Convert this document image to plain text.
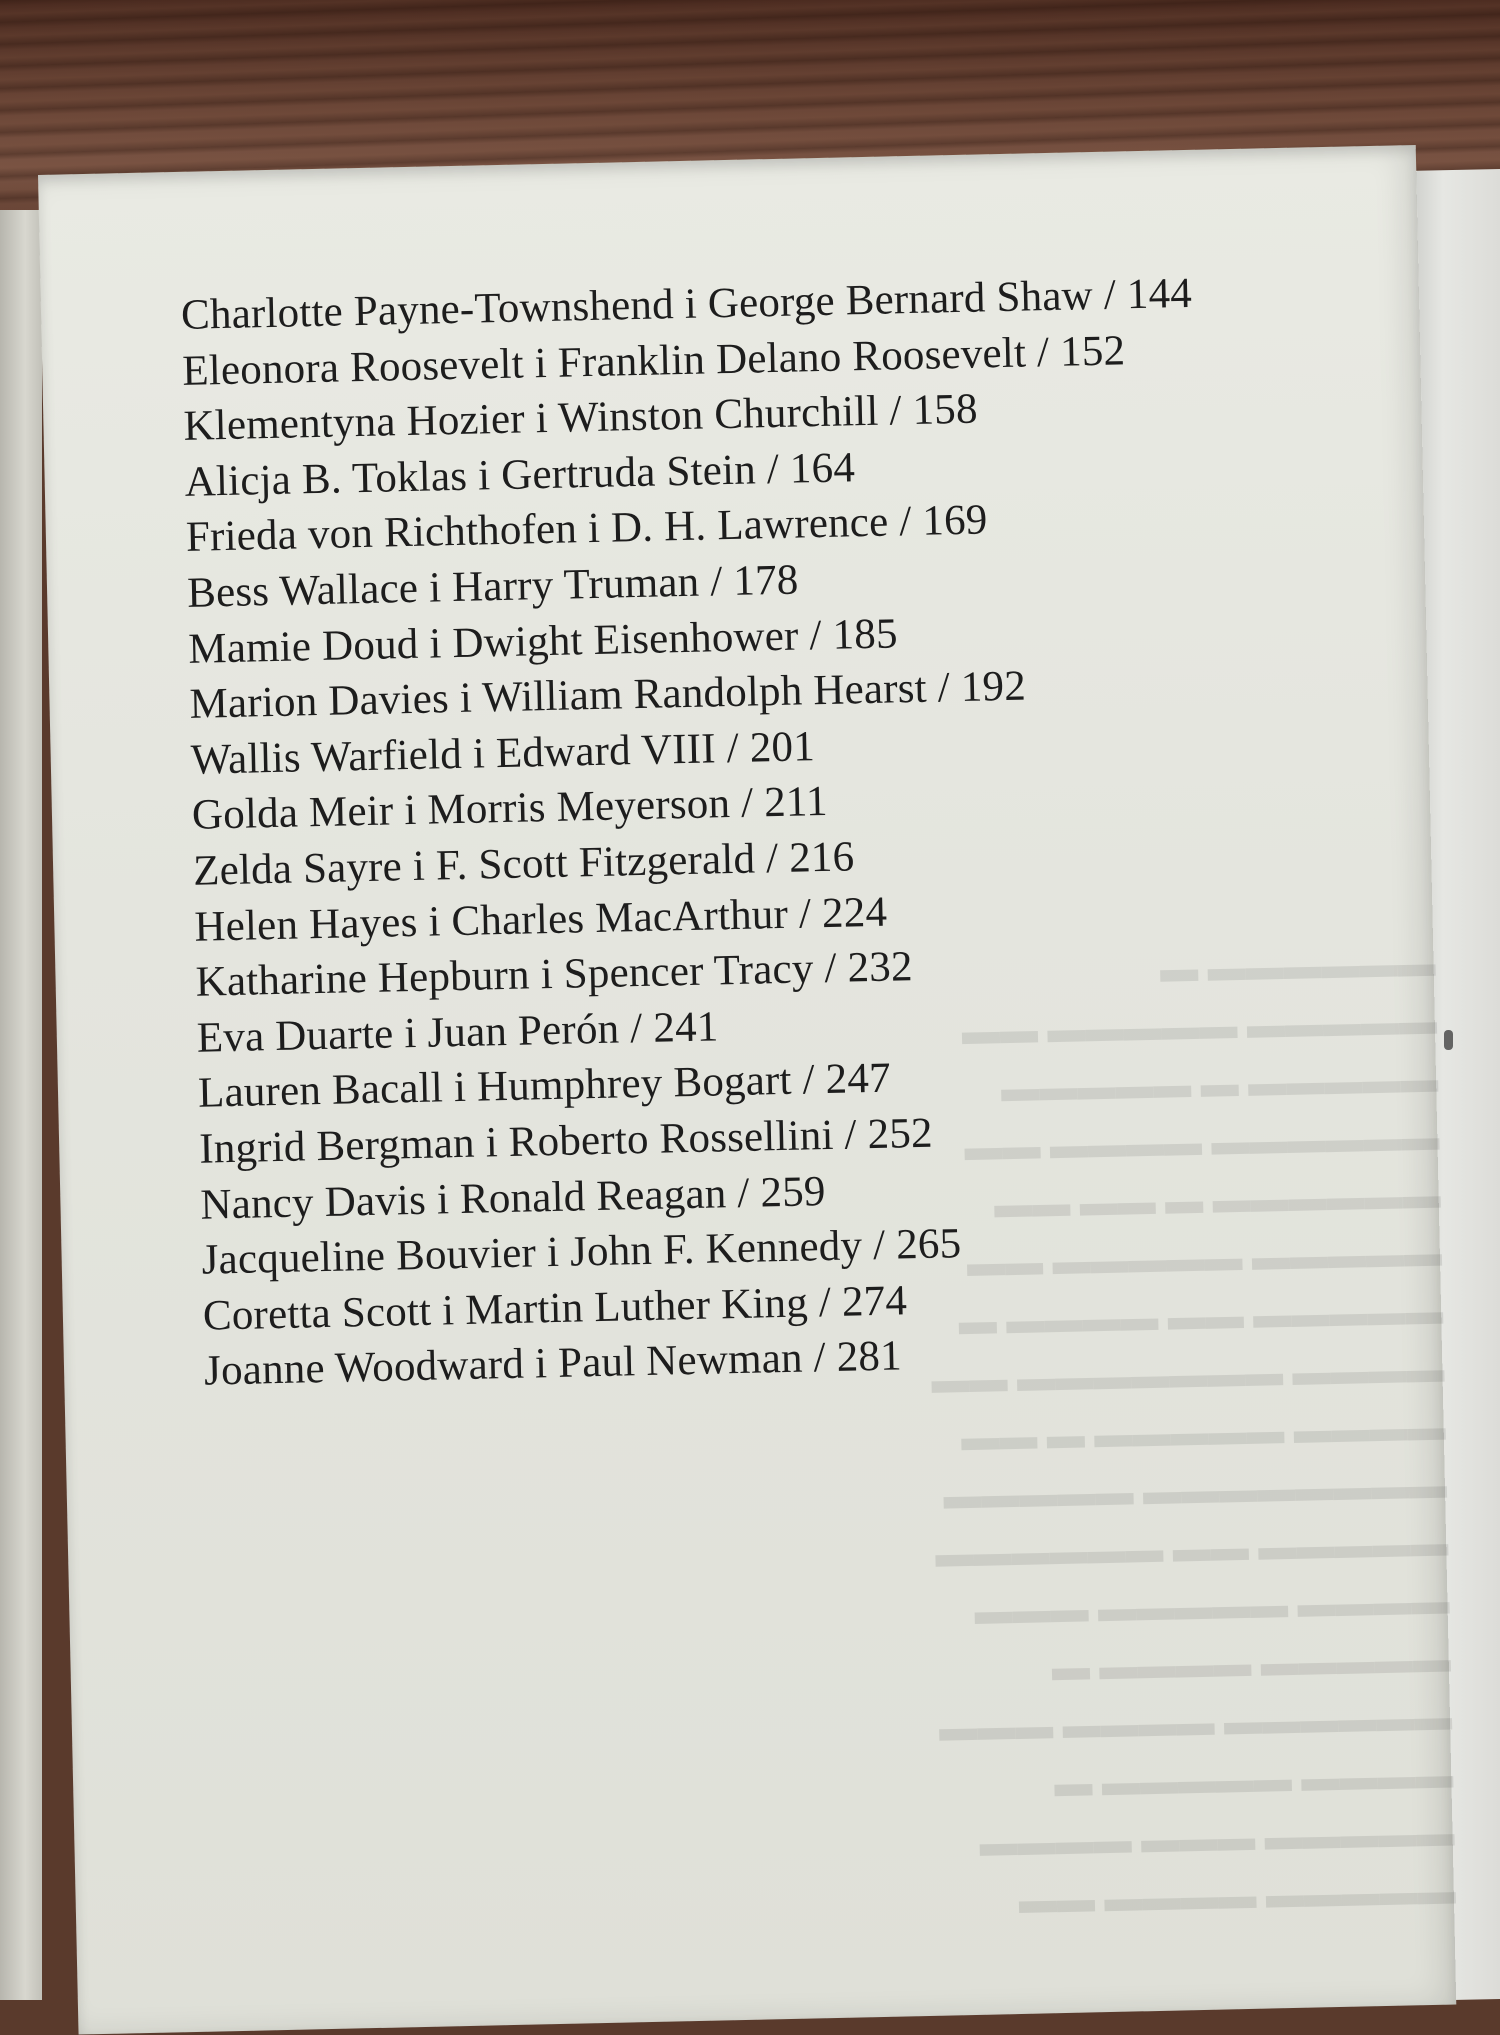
▬▬▬▬▬▬ ▬
▬▬▬▬▬ ▬▬▬▬▬ ▬▬
▬▬▬▬▬ ▬ ▬▬▬▬▬
▬▬▬▬▬▬ ▬▬▬▬ ▬▬
▬▬▬▬▬▬ ▬ ▬▬ ▬▬
▬▬▬▬▬ ▬▬▬▬▬ ▬▬
▬▬▬▬▬ ▬▬ ▬▬▬▬ ▬
▬▬▬▬ ▬▬▬▬▬▬▬ ▬▬
▬▬▬▬ ▬▬▬▬▬ ▬ ▬▬
▬▬▬▬▬▬▬▬ ▬▬▬▬▬
▬▬▬▬▬ ▬▬ ▬▬▬▬▬▬
▬▬▬▬ ▬▬▬▬▬ ▬▬▬
▬▬▬▬▬ ▬▬▬▬ ▬
▬▬▬▬▬▬ ▬▬▬▬ ▬▬▬
▬▬▬▬ ▬▬▬▬▬ ▬
▬▬▬▬▬ ▬▬▬ ▬▬▬▬
▬▬▬▬▬ ▬▬▬▬ ▬▬
Charlotte Payne-Townshend i George Bernard Shaw / 144
Eleonora Roosevelt i Franklin Delano Roosevelt / 152
Klementyna Hozier i Winston Churchill / 158
Alicja B. Toklas i Gertruda Stein / 164
Frieda von Richthofen i D. H. Lawrence / 169
Bess Wallace i Harry Truman / 178
Mamie Doud i Dwight Eisenhower / 185
Marion Davies i William Randolph Hearst / 192
Wallis Warfield i Edward VIII / 201
Golda Meir i Morris Meyerson / 211
Zelda Sayre i F. Scott Fitzgerald / 216
Helen Hayes i Charles MacArthur / 224
Katharine Hepburn i Spencer Tracy / 232
Eva Duarte i Juan Perón / 241
Lauren Bacall i Humphrey Bogart / 247
Ingrid Bergman i Roberto Rossellini / 252
Nancy Davis i Ronald Reagan / 259
Jacqueline Bouvier i John F. Kennedy / 265
Coretta Scott i Martin Luther King / 274
Joanne Woodward i Paul Newman / 281
